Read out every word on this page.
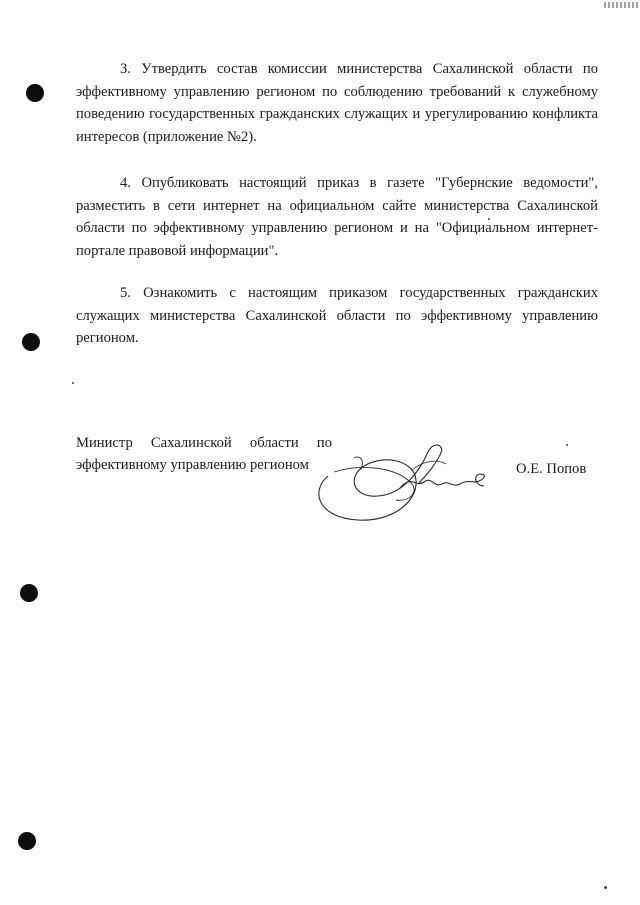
3. Утвердить состав комиссии министерства Сахалинской области по эффективному управлению регионом по соблюдению требований к служебному поведению государственных гражданских служащих и урегулированию конфликта интересов (приложение №2).

4. Опубликовать настоящий приказ в газете "Губернские ведомости", разместить в сети интернет на официальном сайте министерства Сахалинской области по эффективному управлению регионом и на "Официальном интернет-портале правовой информации".

5. Ознакомить с настоящим приказом государственных гражданских служащих министерства Сахалинской области по эффективному управлению регионом.

Министр Сахалинской области по эффективному управлению регионом	О.Е. Попов
